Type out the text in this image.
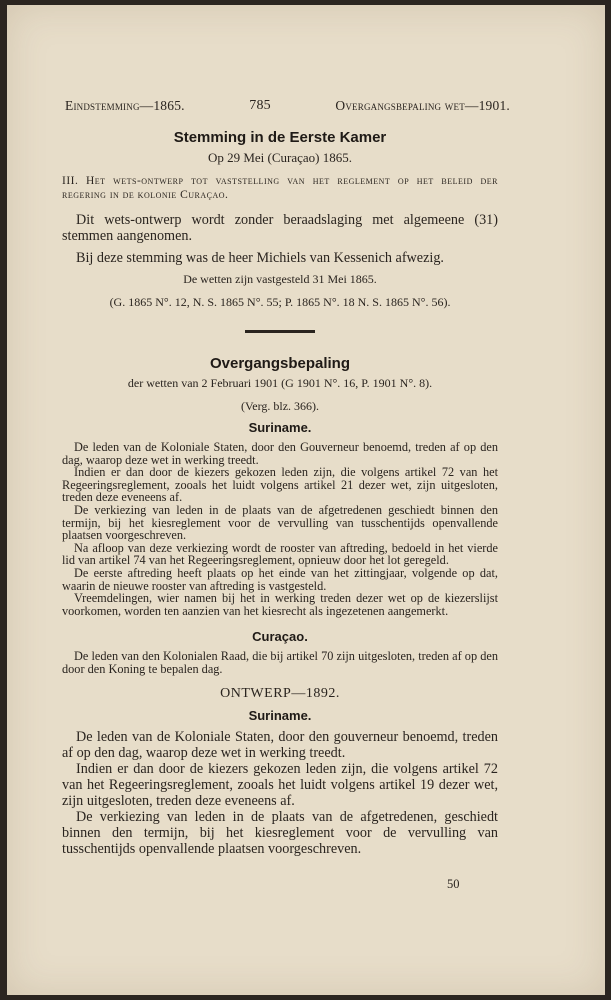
Eindstemming—1865.	785	Overgangsbepaling wet—1901.
Stemming in de Eerste Kamer
Op 29 Mei (Curaçao) 1865.

III. Het wets-ontwerp tot vaststelling van het reglement op het beleid der regering in de kolonie Curaçao.

Dit wets-ontwerp wordt zonder beraadslaging met algemeene (31) stemmen aangenomen.

Bij deze stemming was de heer Michiels van Kessenich afwezig.

De wetten zijn vastgesteld 31 Mei 1865.
(G. 1865 N°. 12, N. S. 1865 N°. 55; P. 1865 N°. 18 N. S. 1865 N°. 56).
Overgangsbepaling
der wetten van 2 Februari 1901 (G 1901 N°. 16, P. 1901 N°. 8).
(Verg. blz. 366).
Suriname.

De leden van de Koloniale Staten, door den Gouverneur benoemd, treden af op den dag, waarop deze wet in werking treedt.

Indien er dan door de kiezers gekozen leden zijn, die volgens artikel 72 van het Regeeringsreglement, zooals het luidt volgens artikel 21 dezer wet, zijn uitgesloten, treden deze eveneens af.

De verkiezing van leden in de plaats van de afgetredenen geschiedt binnen den termijn, bij het kiesreglement voor de vervulling van tusschentijds openvallende plaatsen voorgeschreven.

Na afloop van deze verkiezing wordt de rooster van aftreding, bedoeld in het vierde lid van artikel 74 van het Regeeringsreglement, opnieuw door het lot geregeld.

De eerste aftreding heeft plaats op het einde van het zittingjaar, volgende op dat, waarin de nieuwe rooster van aftreding is vastgesteld.

Vreemdelingen, wier namen bij het in werking treden dezer wet op de kiezerslijst voorkomen, worden ten aanzien van het kiesrecht als ingezetenen aangemerkt.

Curaçao.

De leden van den Kolonialen Raad, die bij artikel 70 zijn uitgesloten, treden af op den door den Koning te bepalen dag.

ONTWERP—1892.
Suriname.

De leden van de Koloniale Staten, door den gouverneur benoemd, treden af op den dag, waarop deze wet in werking treedt.

Indien er dan door de kiezers gekozen leden zijn, die volgens artikel 72 van het Regeeringsreglement, zooals het luidt volgens artikel 19 dezer wet, zijn uitgesloten, treden deze eveneens af.

De verkiezing van leden in de plaats van de afgetredenen, geschiedt binnen den termijn, bij het kiesreglement voor de vervulling van tusschentijds openvallende plaatsen voorgeschreven.

50
